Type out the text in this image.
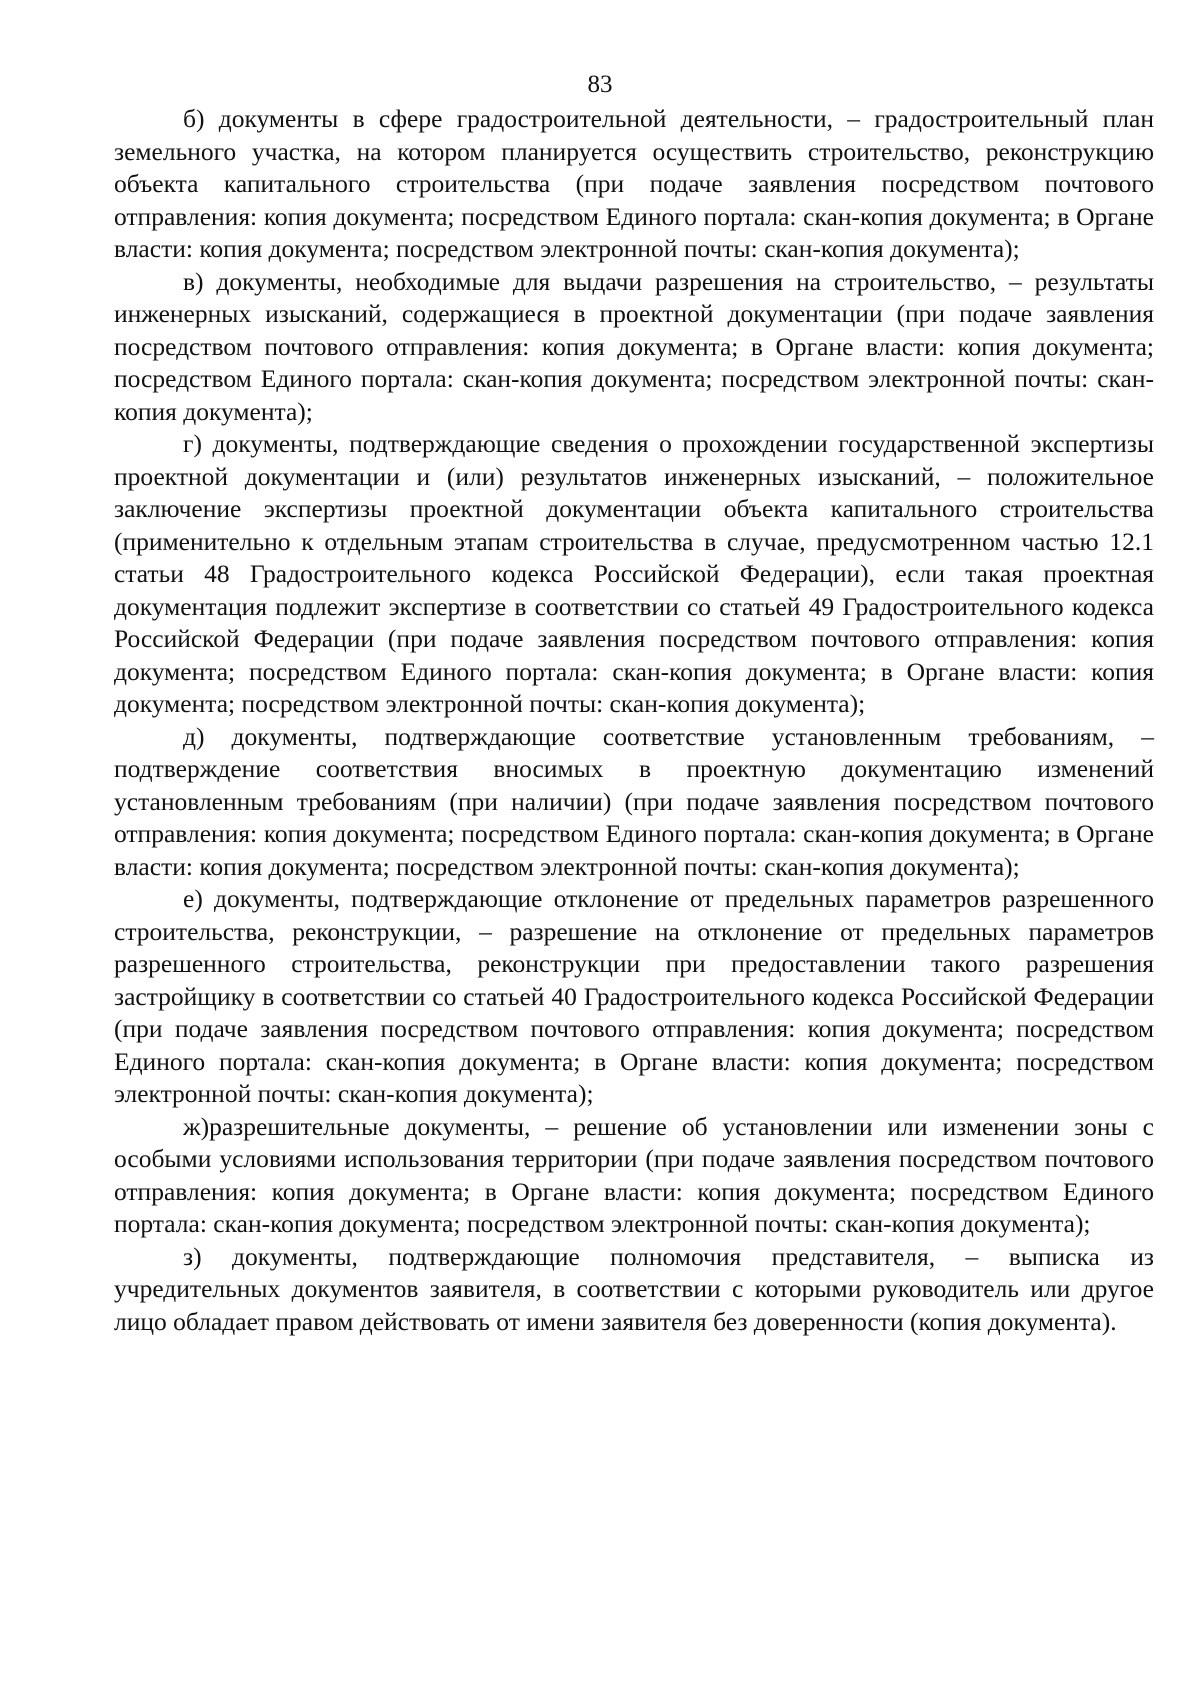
83

б) документы в сфере градостроительной деятельности, – градостроительный план земельного участка, на котором планируется осуществить строительство, реконструкцию объекта капитального строительства (при подаче заявления посредством почтового отправления: копия документа; посредством Единого портала: скан-копия документа; в Органе власти: копия документа; посредством электронной почты: скан-копия документа);

в) документы, необходимые для выдачи разрешения на строительство, – результаты инженерных изысканий, содержащиеся в проектной документации (при подаче заявления посредством почтового отправления: копия документа; в Органе власти: копия документа; посредством Единого портала: скан-копия документа; посредством электронной почты: скан-копия документа);

г) документы, подтверждающие сведения о прохождении государственной экспертизы проектной документации и (или) результатов инженерных изысканий, – положительное заключение экспертизы проектной документации объекта капитального строительства (применительно к отдельным этапам строительства в случае, предусмотренном частью 12.1 статьи 48 Градостроительного кодекса Российской Федерации), если такая проектная документация подлежит экспертизе в соответствии со статьей 49 Градостроительного кодекса Российской Федерации (при подаче заявления посредством почтового отправления: копия документа; посредством Единого портала: скан-копия документа; в Органе власти: копия документа; посредством электронной почты: скан-копия документа);

д) документы, подтверждающие соответствие установленным требованиям, – подтверждение соответствия вносимых в проектную документацию изменений установленным требованиям (при наличии) (при подаче заявления посредством почтового отправления: копия документа; посредством Единого портала: скан-копия документа; в Органе власти: копия документа; посредством электронной почты: скан-копия документа);

е) документы, подтверждающие отклонение от предельных параметров разрешенного строительства, реконструкции, – разрешение на отклонение от предельных параметров разрешенного строительства, реконструкции при предоставлении такого разрешения застройщику в соответствии со статьей 40 Градостроительного кодекса Российской Федерации (при подаче заявления посредством почтового отправления: копия документа; посредством Единого портала: скан-копия документа; в Органе власти: копия документа; посредством электронной почты: скан-копия документа);

ж)разрешительные документы, – решение об установлении или изменении зоны с особыми условиями использования территории (при подаче заявления посредством почтового отправления: копия документа; в Органе власти: копия документа; посредством Единого портала: скан-копия документа; посредством электронной почты: скан-копия документа);

з) документы, подтверждающие полномочия представителя, – выписка из учредительных документов заявителя, в соответствии с которыми руководитель или другое лицо обладает правом действовать от имени заявителя без доверенности (копия документа).
